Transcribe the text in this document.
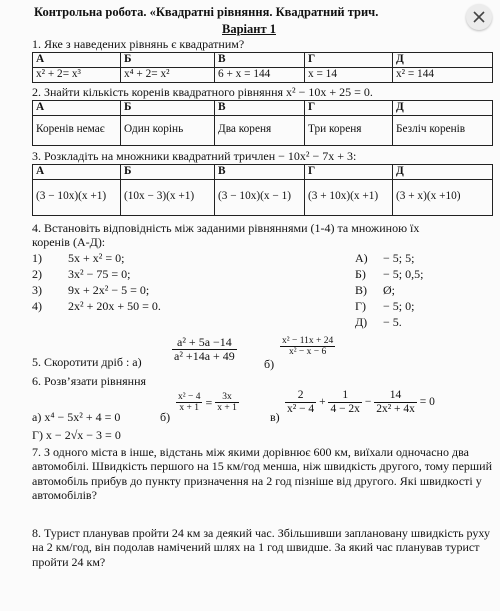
Контрольна робота. «Квадратні рівняння. Квадратний трич.
Варіант 1
1. Яке з наведених рівнянь є квадратним?
А	Б	В	Г	Д
x² + 2= x³	x⁴ + 2= x²	6 + x = 144	x = 14	x² = 144
2. Знайти кількість коренів квадратного рівняння x² − 10x + 25 = 0.
А	Б	В	Г	Д
Коренів немає	Один корінь	Два кореня	Три кореня	Безліч коренів
3. Розкладіть на множники квадратний тричлен − 10x² − 7x + 3:
А	Б	В	Г	Д
(3 − 10x)(x +1)	(10x − 3)(x +1)	(3 − 10x)(x − 1)	(3 + 10x)(x +1)	(3 + x)(x +10)
4. Встановіть відповідність між заданими рівняннями (1-4) та множиною їх
коренів (А-Д):
1) 5x + x² = 0;
2) 3x² − 75 = 0;
3) 9x + 2x² − 5 = 0;
4) 2x² + 20x + 50 = 0.
А) − 5; 5;
Б) − 5; 0,5;
В) Ø;
Г) − 5; 0;
Д) − 5.
5. Скоротити дріб : а)	$\frac{\text{a² + 5a −14}}{\text{a² +14a + 49}}$
б)
$\frac{\text{x² − 11x + 24}}{\text{x² − x − 6}}$
6. Розв’язати рівняння
а) x⁴ − 5x² + 4 = 0	б)
$\frac{\text{x² − 4}}{x + 1} = \frac{3x}{x + 1}$
в)
$\frac{2}{\text{x² − 4}} + \frac{1}{4 - 2x} - \frac{14}{\text{2x² + 4x}} = 0$
Г) x − 2√x − 3 = 0
7. З одного міста в інше, відстань між якими дорівнює 600 км, виїхали одночасно два автомобілі. Швидкість першого на 15 км/год менша, ніж швидкість другого, тому перший автомобіль прибув до пункту призначення на 2 год пізніше від другого. Які швидкості у автомобілів?
8. Турист планував пройти 24 км за деякий час. Збільшивши заплановану швидкість руху на 2 км/год, він подолав намічений шлях на 1 год швидше. За який час планував турист пройти 24 км?
